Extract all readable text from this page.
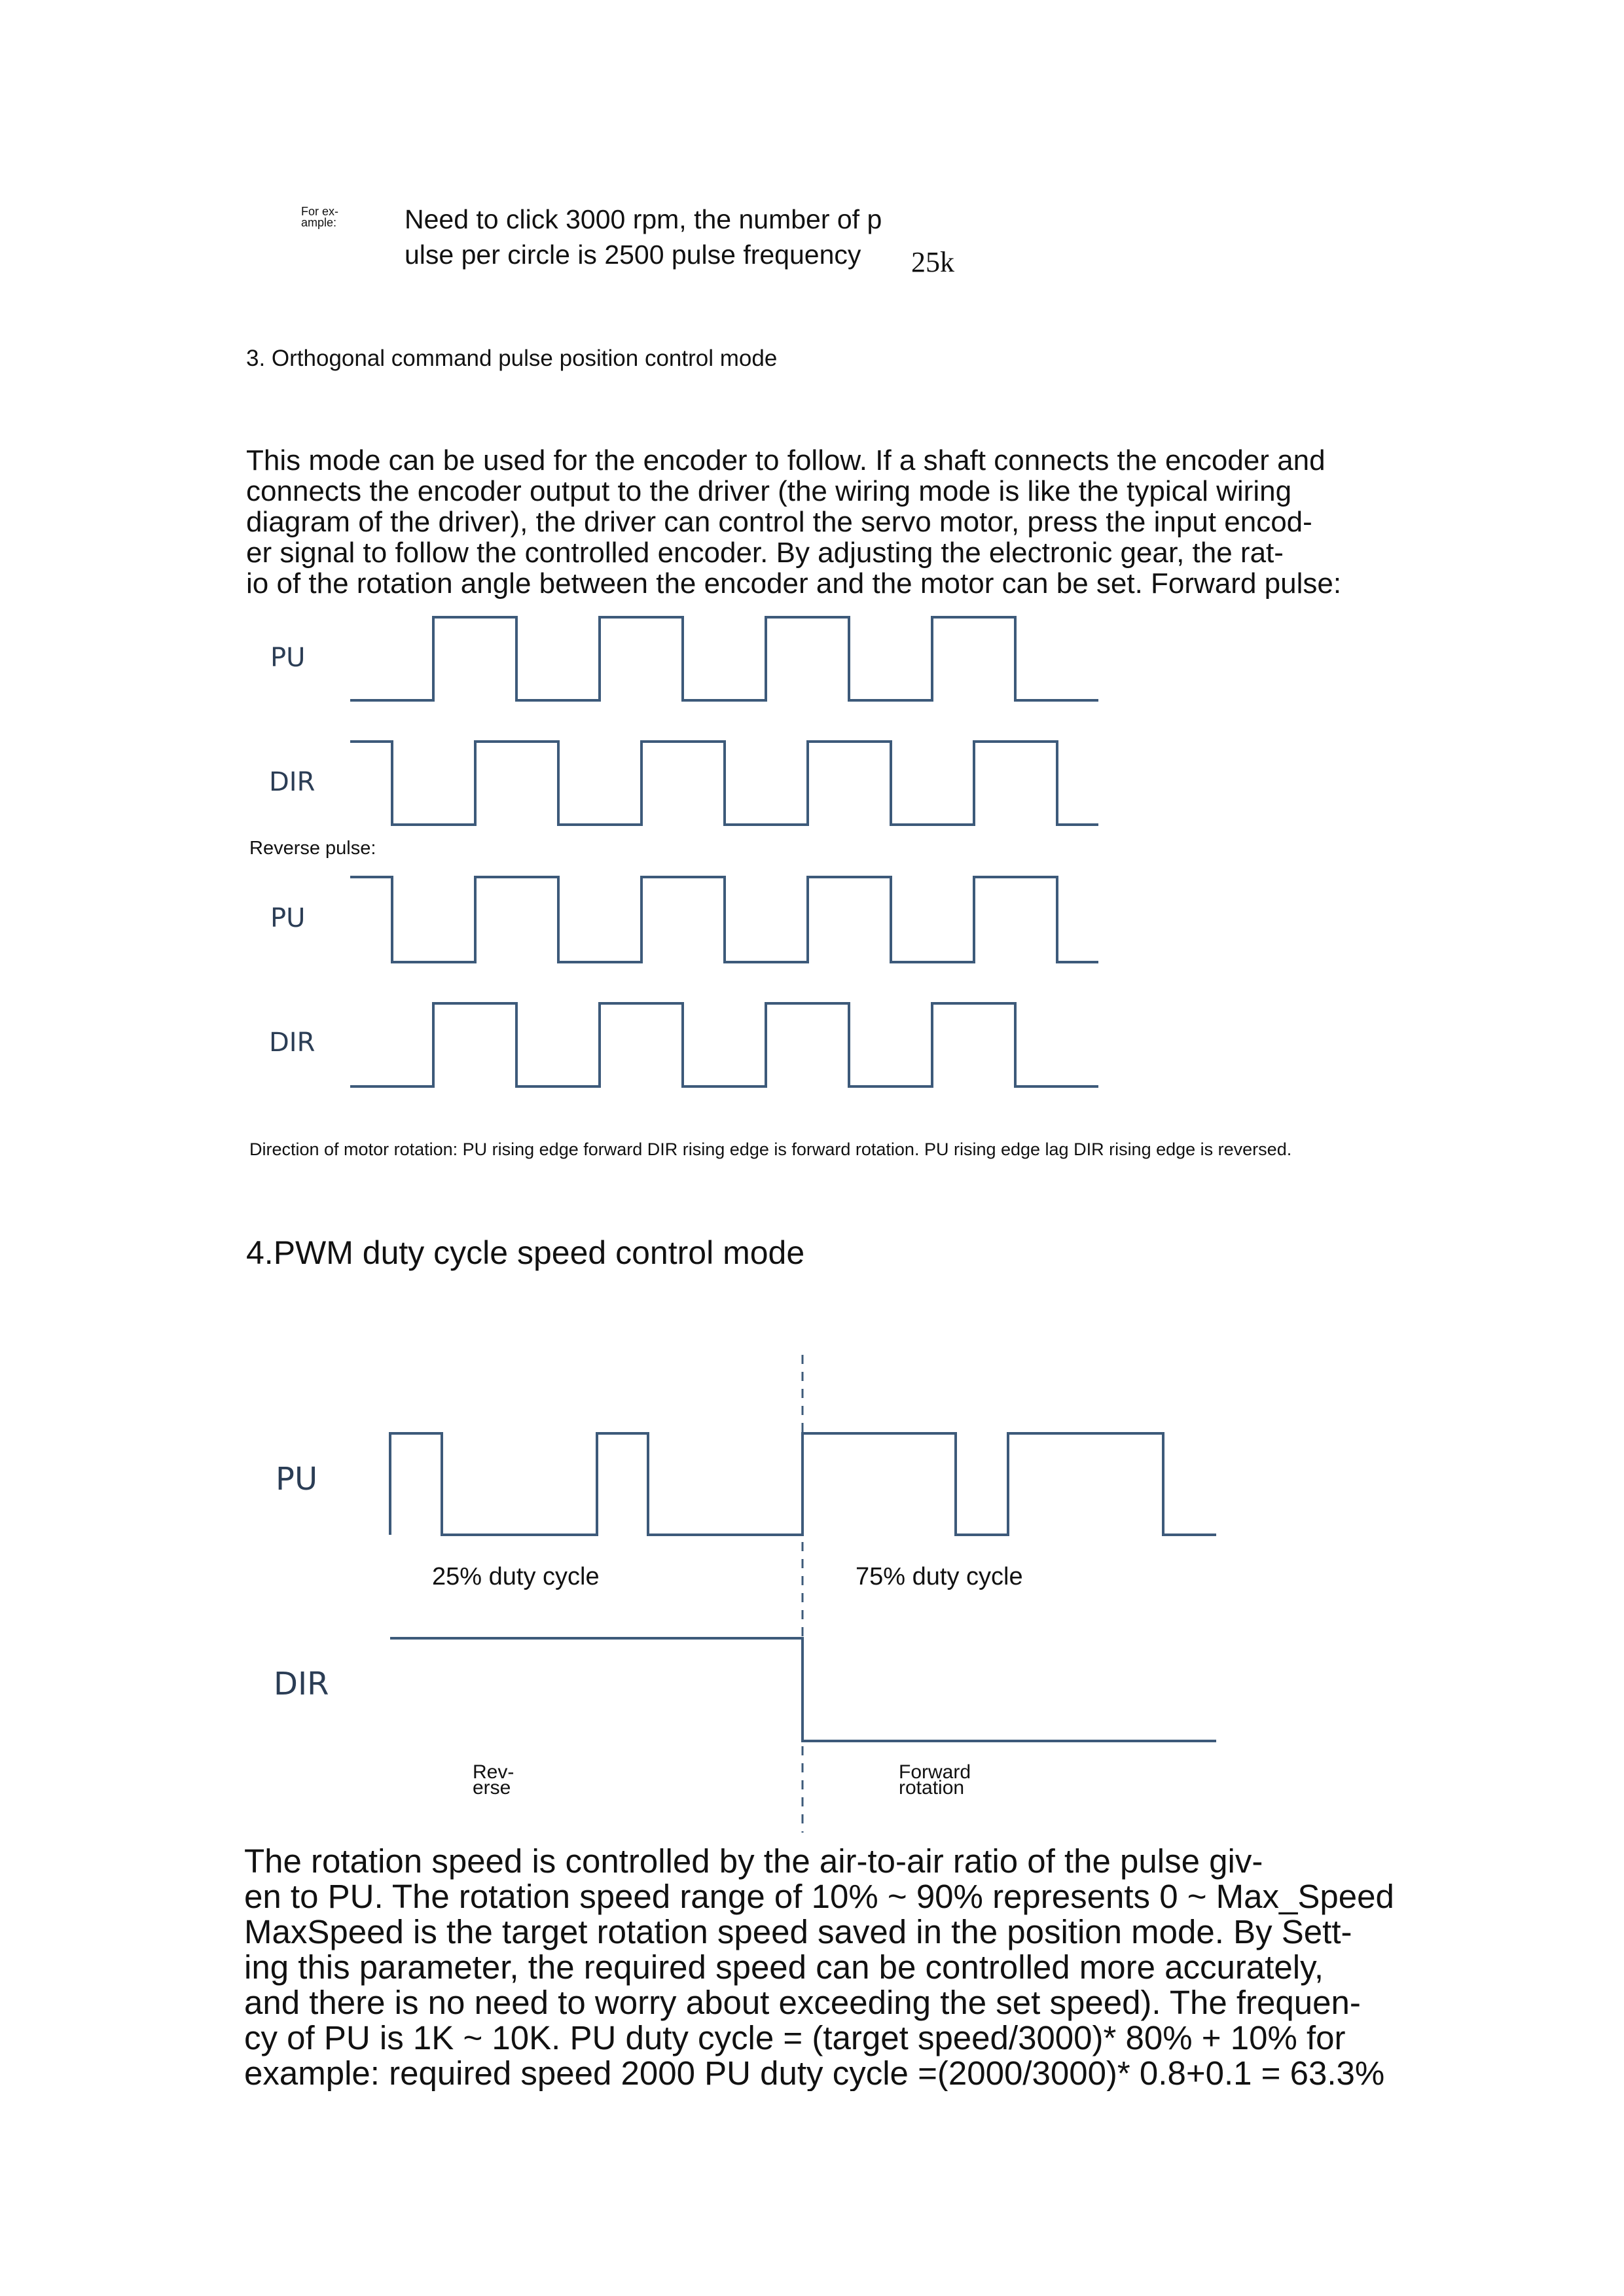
For ex-
ample:	Need to click 3000 rpm, the number of p
ulse per circle is 2500 pulse frequency	25k
3. Orthogonal command pulse position control mode
This mode can be used for the encoder to follow. If a shaft connects the encoder and
connects the encoder output to the driver (the wiring mode is like the typical wiring
diagram of the driver), the driver can control the servo motor, press the input encod-
er signal to follow the controlled encoder. By adjusting the electronic gear, the rat-
io of the rotation angle between the encoder and the motor can be set. Forward pulse:
PU
DIR
Reverse pulse:
PU
DIR
Direction of motor rotation: PU rising edge forward DIR rising edge is forward rotation. PU rising edge lag DIR rising edge is reversed.
4.PWM duty cycle speed control mode
PU
DIR
25% duty cycle	75% duty cycle
Rev-
erse
Forward
rotation
The rotation speed is controlled by the air-to-air ratio of the pulse giv-
en to PU. The rotation speed range of 10% ~ 90% represents 0 ~ Max_Speed
MaxSpeed is the target rotation speed saved in the position mode. By Sett-
ing this parameter, the required speed can be controlled more accurately,
and there is no need to worry about exceeding the set speed). The frequen-
cy of PU is 1K ~ 10K. PU duty cycle = (target speed/3000)* 80% + 10% for
example: required speed 2000 PU duty cycle =(2000/3000)* 0.8+0.1 = 63.3%
